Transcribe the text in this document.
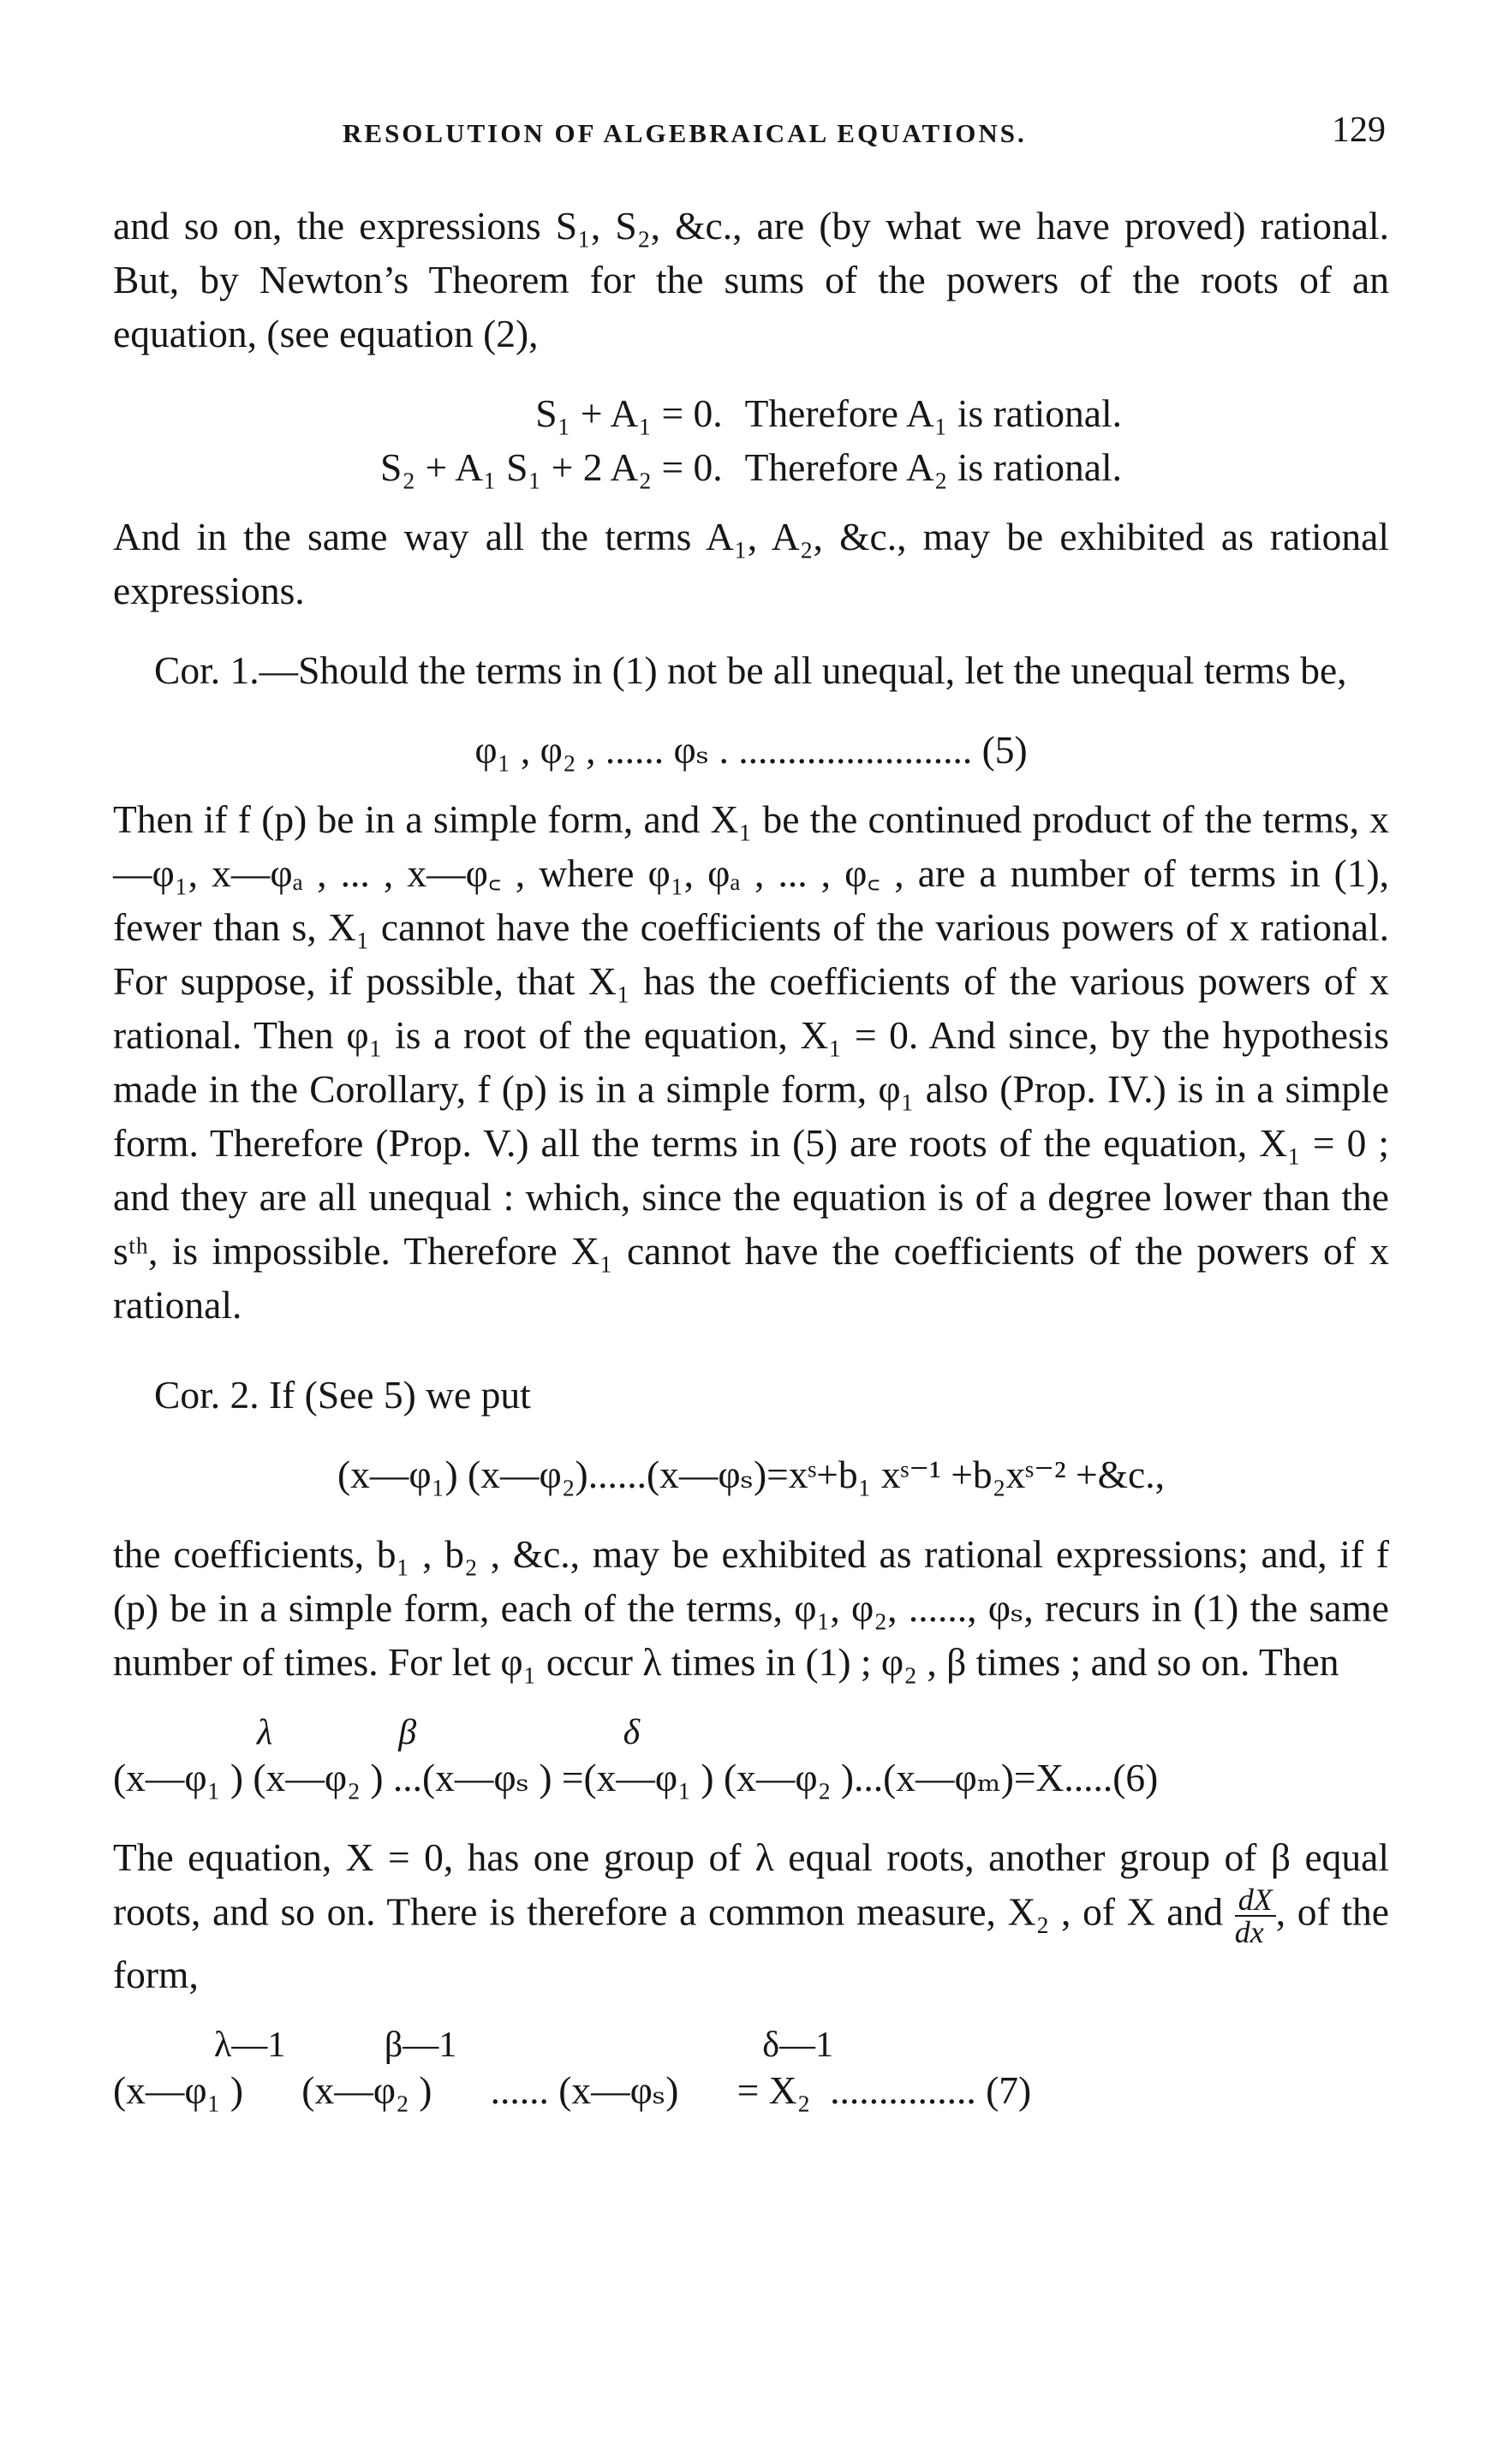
RESOLUTION OF ALGEBRAICAL EQUATIONS.	129

and so on, the expressions S₁, S₂, &c., are (by what we have proved) rational. But, by Newton’s Theorem for the sums of the powers of the roots of an equation, (see equation (2),

S₁ + A₁ = 0.	Therefore A₁ is rational.
S₂ + A₁ S₁ + 2 A₂ = 0.	Therefore A₂ is rational.

And in the same way all the terms A₁, A₂, &c., may be exhibited as rational expressions.

Cor. 1.—Should the terms in (1) not be all unequal, let the unequal terms be,

φ₁ , φ₂ , ...... φₛ . ........................ (5)

Then if f (p) be in a simple form, and X₁ be the continued product of the terms, x—φ₁, x—φₐ , ... , x—φ꜀ , where φ₁, φₐ , ... , φ꜀ , are a number of terms in (1), fewer than s, X₁ cannot have the coefficients of the various powers of x rational. For suppose, if possible, that X₁ has the coefficients of the various powers of x rational. Then φ₁ is a root of the equation, X₁ = 0. And since, by the hypothesis made in the Corollary, f (p) is in a simple form, φ₁ also (Prop. IV.) is in a simple form. Therefore (Prop. V.) all the terms in (5) are roots of the equation, X₁ = 0 ; and they are all unequal : which, since the equation is of a degree lower than the sᵗʰ, is impossible. Therefore X₁ cannot have the coefficients of the powers of x rational.

Cor. 2. If (See 5) we put

(x—φ₁) (x—φ₂)......(x—φₛ)=xˢ+b₁ xˢ⁻¹ +b₂xˢ⁻² +&c.,

the coefficients, b₁ , b₂ , &c., may be exhibited as rational expressions; and, if f (p) be in a simple form, each of the terms, φ₁, φ₂, ......, φₛ, recurs in (1) the same number of times. For let φ₁ occur λ times in (1) ; φ₂ , β times ; and so on. Then

λ              β                       δ
(x—φ₁ ) (x—φ₂ ) ...(x—φₛ ) =(x—φ₁ ) (x—φ₂ )...(x—φₘ)=X.....(6)

The equation, X = 0, has one group of λ equal roots, another group of β equal roots, and so on. There is therefore a common measure, X₂ , of X and $\frac{dX}{dx}$ , of the form,

λ—1           β—1                                  δ—1
(x—φ₁ )      (x—φ₂ )      ...... (x—φₛ)      = X₂  ............... (7)
